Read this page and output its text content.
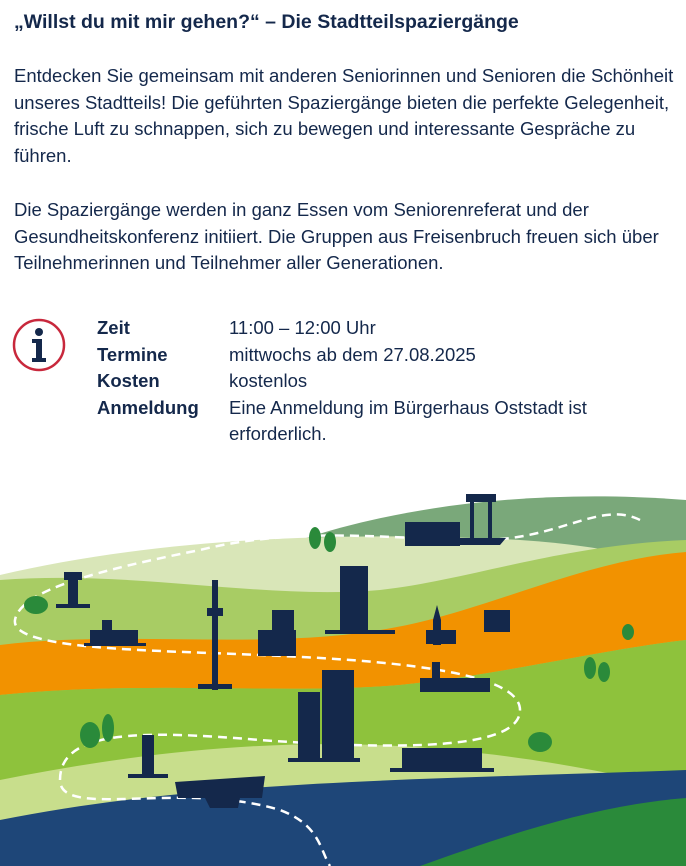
„Willst du mit mir gehen?“ – Die Stadtteilspaziergänge

Entdecken Sie gemeinsam mit anderen Seniorinnen und Senioren die Schönheit unseres Stadtteils! Die geführten Spaziergänge bieten die perfekte Gelegenheit, frische Luft zu schnappen, sich zu bewegen und interessante Gespräche zu führen.

Die Spaziergänge werden in ganz Essen vom Seniorenreferat und der Gesundheitskonferenz initiiert. Die Gruppen aus Freisenbruch freuen sich über Teilnehmerinnen und Teilnehmer aller Generationen.

Zeit	11:00 – 12:00 Uhr
Termine	mittwochs ab dem 27.08.2025
Kosten	kostenlos
Anmeldung	Eine Anmeldung im Bürgerhaus Oststadt ist erforderlich.
